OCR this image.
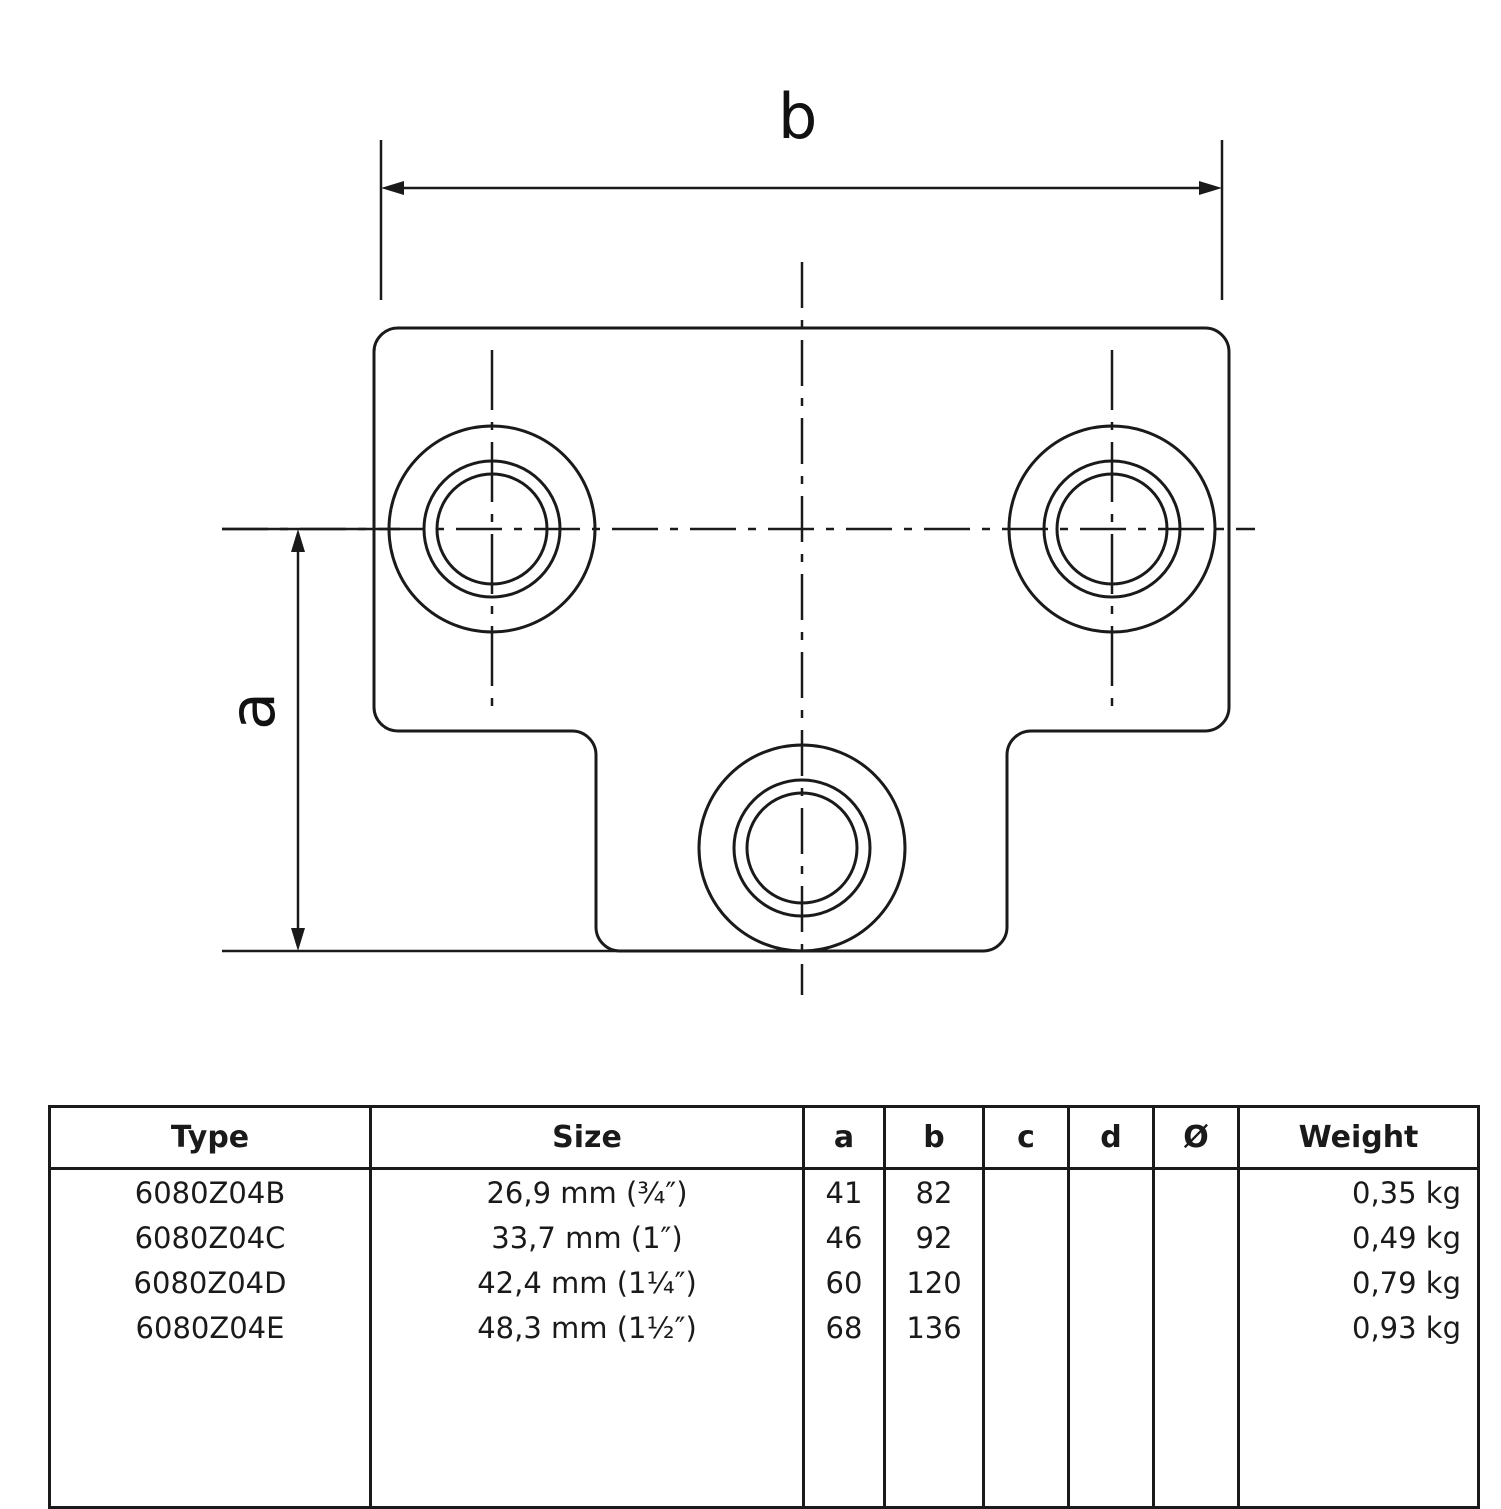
b
a
Type	Size	a	b	c	d	Ø	Weight
6080Z04B	26,9 mm (¾″)	41	82				0,35 kg
6080Z04C	33,7 mm (1″)	46	92				0,49 kg
6080Z04D	42,4 mm (1¼″)	60	120				0,79 kg
6080Z04E	48,3 mm (1½″)	68	136				0,93 kg
